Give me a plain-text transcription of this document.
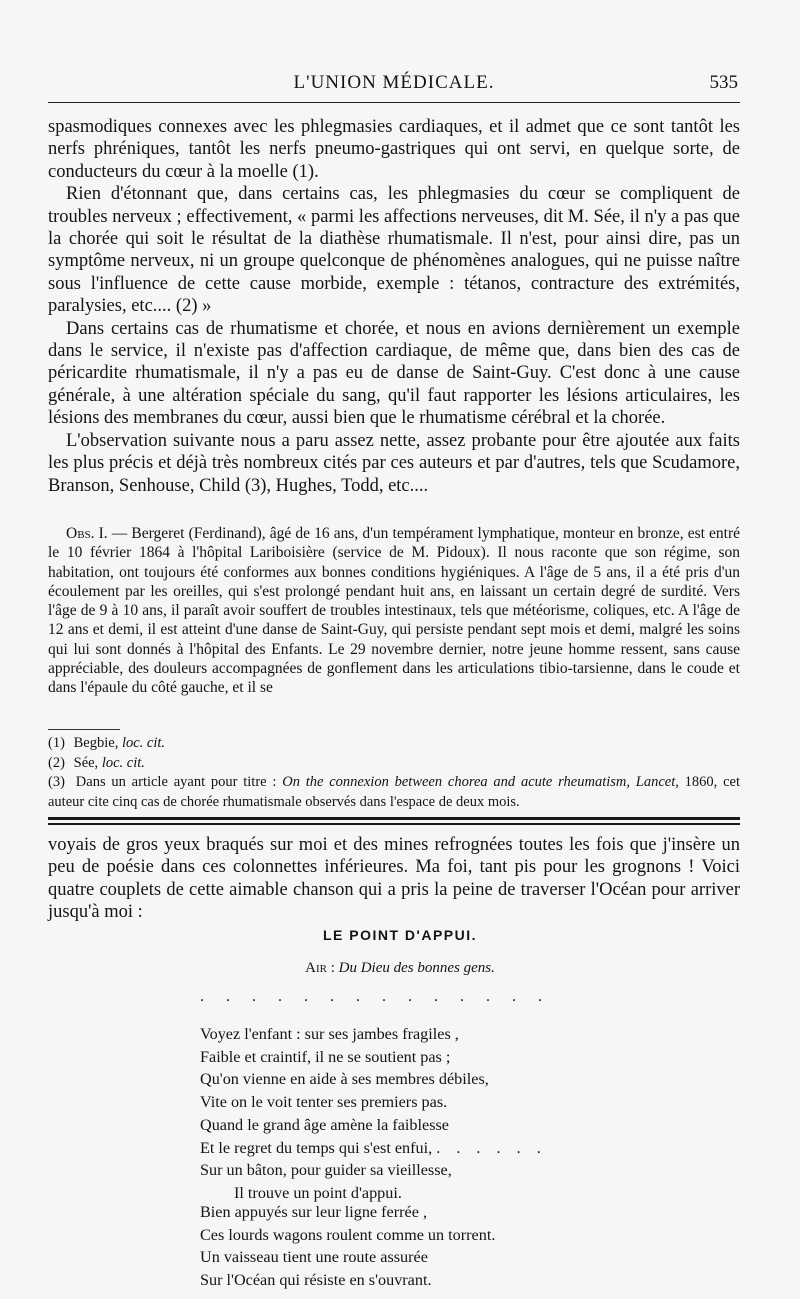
L'UNION MÉDICALE.	535

spasmodiques connexes avec les phlegmasies cardiaques, et il admet que ce sont tantôt les nerfs phréniques, tantôt les nerfs pneumo-gastriques qui ont servi, en quelque sorte, de conducteurs du cœur à la moelle (1).

Rien d'étonnant que, dans certains cas, les phlegmasies du cœur se compliquent de troubles nerveux ; effectivement, « parmi les affections nerveuses, dit M. Sée, il n'y a pas que la chorée qui soit le résultat de la diathèse rhumatismale. Il n'est, pour ainsi dire, pas un symptôme nerveux, ni un groupe quelconque de phénomènes analogues, qui ne puisse naître sous l'influence de cette cause morbide, exemple : tétanos, contracture des extrémités, paralysies, etc.... (2) »

Dans certains cas de rhumatisme et chorée, et nous en avions dernièrement un exemple dans le service, il n'existe pas d'affection cardiaque, de même que, dans bien des cas de péricardite rhumatismale, il n'y a pas eu de danse de Saint-Guy. C'est donc à une cause générale, à une altération spéciale du sang, qu'il faut rapporter les lésions articulaires, les lésions des membranes du cœur, aussi bien que le rhumatisme cérébral et la chorée.

L'observation suivante nous a paru assez nette, assez probante pour être ajoutée aux faits les plus précis et déjà très nombreux cités par ces auteurs et par d'autres, tels que Scudamore, Branson, Senhouse, Child (3), Hughes, Todd, etc....

Obs. I. — Bergeret (Ferdinand), âgé de 16 ans, d'un tempérament lymphatique, monteur en bronze, est entré le 10 février 1864 à l'hôpital Lariboisière (service de M. Pidoux). Il nous raconte que son régime, son habitation, ont toujours été conformes aux bonnes conditions hygiéniques. A l'âge de 5 ans, il a été pris d'un écoulement par les oreilles, qui s'est prolongé pendant huit ans, en laissant un certain degré de surdité. Vers l'âge de 9 à 10 ans, il paraît avoir souffert de troubles intestinaux, tels que météorisme, coliques, etc. A l'âge de 12 ans et demi, il est atteint d'une danse de Saint-Guy, qui persiste pendant sept mois et demi, malgré les soins qui lui sont donnés à l'hôpital des Enfants. Le 29 novembre dernier, notre jeune homme ressent, sans cause appréciable, des douleurs accompagnées de gonflement dans les articulations tibio-tarsienne, dans le coude et dans l'épaule du côté gauche, et il se

(1) Begbie, loc. cit.

(2) Sée, loc. cit.

(3) Dans un article ayant pour titre : On the connexion between chorea and acute rheumatism, Lancet, 1860, cet auteur cite cinq cas de chorée rhumatismale observés dans l'espace de deux mois.

voyais de gros yeux braqués sur moi et des mines refrognées toutes les fois que j'insère un peu de poésie dans ces colonnettes inférieures. Ma foi, tant pis pour les grognons ! Voici quatre couplets de cette aimable chanson qui a pris la peine de traverser l'Océan pour arriver jusqu'à moi :

LE POINT D'APPUI.
Air : Du Dieu des bonnes gens.
. . . . . . . . . . . . . .
Voyez l'enfant : sur ses jambes fragiles ,
Faible et craintif, il ne se soutient pas ;
Qu'on vienne en aide à ses membres débiles,
Vite on le voit tenter ses premiers pas.
Quand le grand âge amène la faiblesse
Et le regret du temps qui s'est enfui, . . . . . .
Sur un bâton, pour guider sa vieillesse,
Il trouve un point d'appui.
Bien appuyés sur leur ligne ferrée ,
Ces lourds wagons roulent comme un torrent.
Un vaisseau tient une route assurée
Sur l'Océan qui résiste en s'ouvrant.
